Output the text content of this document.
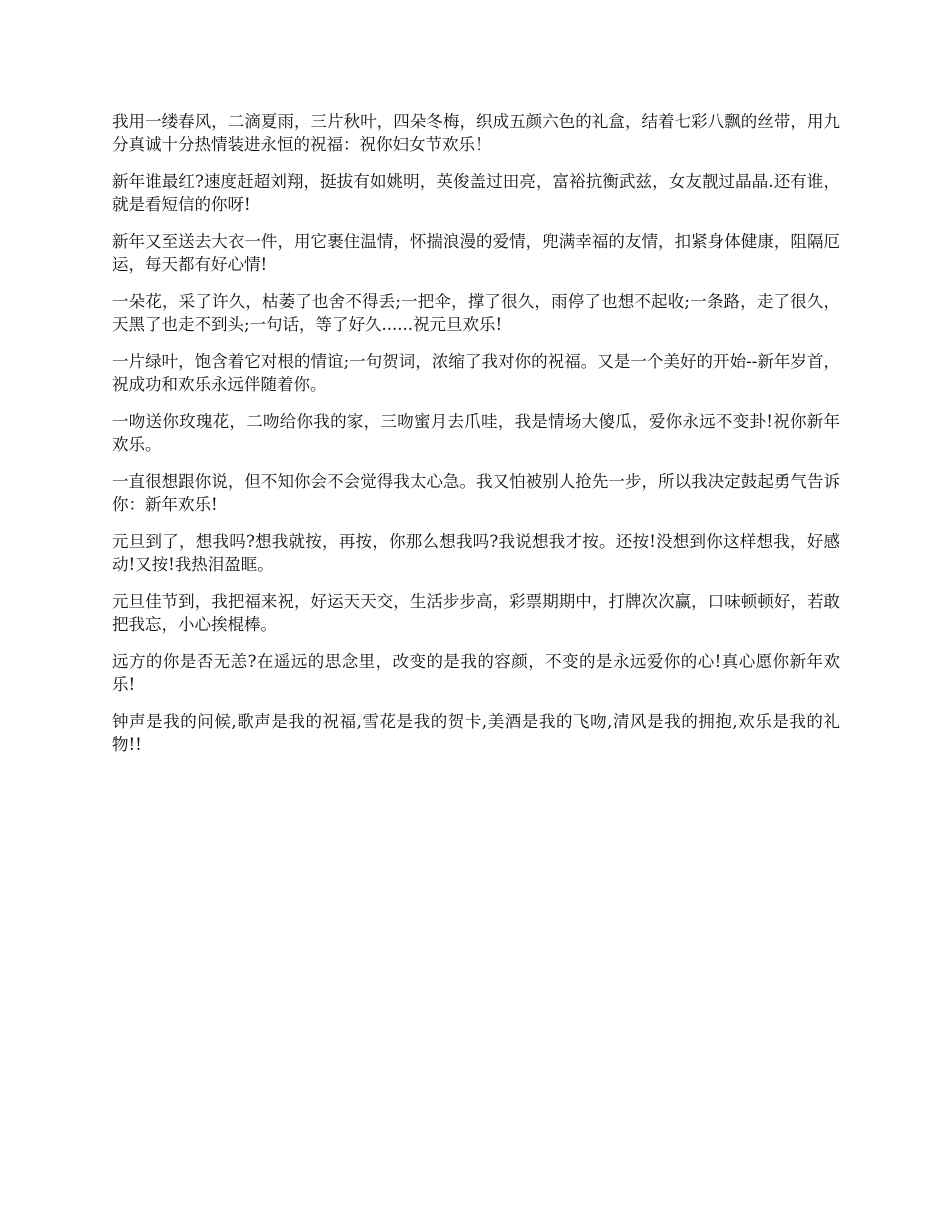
我用一缕春风，二滴夏雨，三片秋叶，四朵冬梅，织成五颜六色的礼盒，结着七彩八飘的丝带，用九分真诚十分热情装进永恒的祝福：祝你妇女节欢乐！

新年谁最红?速度赶超刘翔，挺拔有如姚明，英俊盖过田亮，富裕抗衡武兹，女友靓过晶晶.还有谁，就是看短信的你呀!

新年又至送去大衣一件，用它裹住温情，怀揣浪漫的爱情，兜满幸福的友情，扣紧身体健康，阻隔厄运，每天都有好心情!

一朵花，采了许久，枯萎了也舍不得丢;一把伞，撑了很久，雨停了也想不起收;一条路，走了很久，天黑了也走不到头;一句话，等了好久......祝元旦欢乐!

一片绿叶，饱含着它对根的情谊;一句贺词，浓缩了我对你的祝福。又是一个美好的开始--新年岁首，祝成功和欢乐永远伴随着你。

一吻送你玫瑰花，二吻给你我的家，三吻蜜月去爪哇，我是情场大傻瓜，爱你永远不变卦!祝你新年欢乐。

一直很想跟你说，但不知你会不会觉得我太心急。我又怕被别人抢先一步，所以我决定鼓起勇气告诉你：新年欢乐!

元旦到了，想我吗?想我就按，再按，你那么想我吗?我说想我才按。还按!没想到你这样想我，好感动!又按!我热泪盈眶。

元旦佳节到，我把福来祝，好运天天交，生活步步高，彩票期期中，打牌次次赢，口味顿顿好，若敢把我忘，小心挨棍棒。

远方的你是否无恙?在遥远的思念里，改变的是我的容颜，不变的是永远爱你的心!真心愿你新年欢乐!

钟声是我的问候,歌声是我的祝福,雪花是我的贺卡,美酒是我的飞吻,清风是我的拥抱,欢乐是我的礼物!!
